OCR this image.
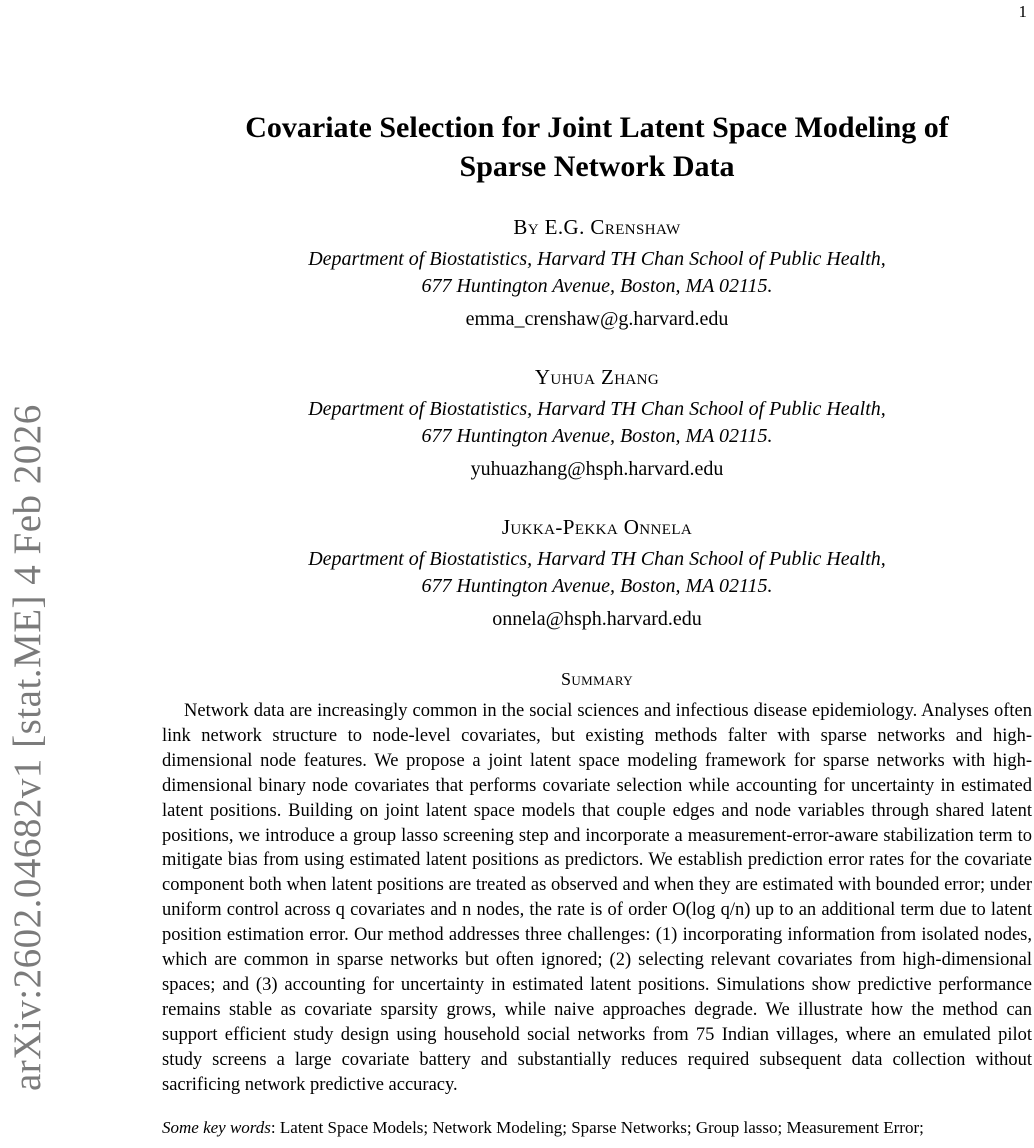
1
arXiv:2602.04682v1 [stat.ME] 4 Feb 2026
Covariate Selection for Joint Latent Space Modeling of
Sparse Network Data
By E.G. Crenshaw
Department of Biostatistics, Harvard TH Chan School of Public Health,
677 Huntington Avenue, Boston, MA 02115.
emma_crenshaw@g.harvard.edu
Yuhua Zhang
Department of Biostatistics, Harvard TH Chan School of Public Health,
677 Huntington Avenue, Boston, MA 02115.
yuhuazhang@hsph.harvard.edu
Jukka-Pekka Onnela
Department of Biostatistics, Harvard TH Chan School of Public Health,
677 Huntington Avenue, Boston, MA 02115.
onnela@hsph.harvard.edu
Summary
Network data are increasingly common in the social sciences and infectious disease epidemiology. Analyses often link network structure to node-level covariates, but existing methods falter with sparse networks and high-dimensional node features. We propose a joint latent space modeling framework for sparse networks with high-dimensional binary node covariates that performs covariate selection while accounting for uncertainty in estimated latent positions. Building on joint latent space models that couple edges and node variables through shared latent positions, we introduce a group lasso screening step and incorporate a measurement-error-aware stabilization term to mitigate bias from using estimated latent positions as predictors. We establish prediction error rates for the covariate component both when latent positions are treated as observed and when they are estimated with bounded error; under uniform control across q covariates and n nodes, the rate is of order O(log q/n) up to an additional term due to latent position estimation error. Our method addresses three challenges: (1) incorporating information from isolated nodes, which are common in sparse networks but often ignored; (2) selecting relevant covariates from high-dimensional spaces; and (3) accounting for uncertainty in estimated latent positions. Simulations show predictive performance remains stable as covariate sparsity grows, while naive approaches degrade. We illustrate how the method can support efficient study design using household social networks from 75 Indian villages, where an emulated pilot study screens a large covariate battery and substantially reduces required subsequent data collection without sacrificing network predictive accuracy.
Some key words: Latent Space Models; Network Modeling; Sparse Networks; Group lasso; Measurement Error;
